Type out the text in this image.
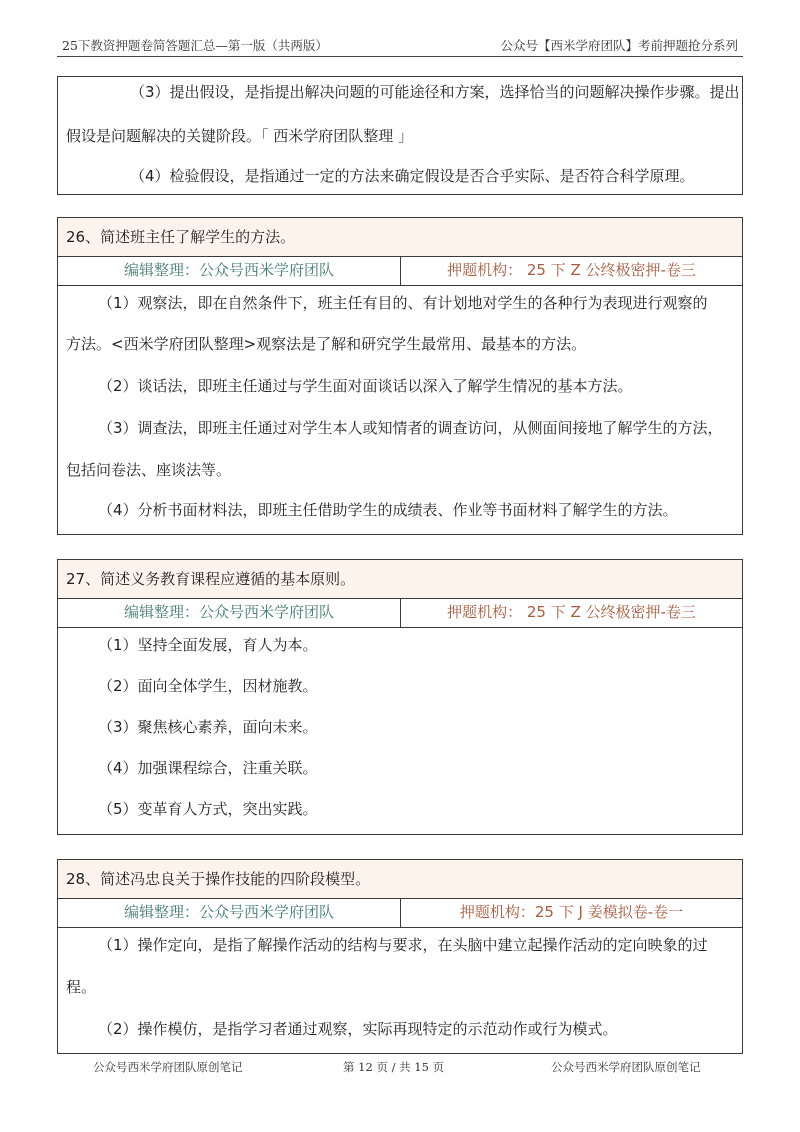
25下教资押题卷简答题汇总—第一版（共两版）	公众号【西米学府团队】考前押题抢分系列
（3）提出假设，是指提出解决问题的可能途径和方案，选择恰当的问题解决操作步骤。提出
假设是问题解决的关键阶段。「 西米学府团队整理 」
（4）检验假设，是指通过一定的方法来确定假设是否合乎实际、是否符合科学原理。
26、简述班主任了解学生的方法。
编辑整理：公众号西米学府团队	押题机构： 25 下 Z 公终极密押-卷三
（1）观察法，即在自然条件下，班主任有目的、有计划地对学生的各种行为表现进行观察的
方法。<西米学府团队整理>观察法是了解和研究学生最常用、最基本的方法。
（2）谈话法，即班主任通过与学生面对面谈话以深入了解学生情况的基本方法。
（3）调查法，即班主任通过对学生本人或知情者的调查访问，从侧面间接地了解学生的方法，
包括问卷法、座谈法等。
（4）分析书面材料法，即班主任借助学生的成绩表、作业等书面材料了解学生的方法。
27、简述义务教育课程应遵循的基本原则。
编辑整理：公众号西米学府团队	押题机构： 25 下 Z 公终极密押-卷三
（1）坚持全面发展，育人为本。
（2）面向全体学生，因材施教。
（3）聚焦核心素养，面向未来。
（4）加强课程综合，注重关联。
（5）变革育人方式，突出实践。
28、简述冯忠良关于操作技能的四阶段模型。
编辑整理：公众号西米学府团队	押题机构：25 下 J 姜模拟卷-卷一
（1）操作定向，是指了解操作活动的结构与要求，在头脑中建立起操作活动的定向映象的过
程。
（2）操作模仿，是指学习者通过观察，实际再现特定的示范动作或行为模式。
公众号西米学府团队原创笔记	第 12 页 / 共 15 页	公众号西米学府团队原创笔记
